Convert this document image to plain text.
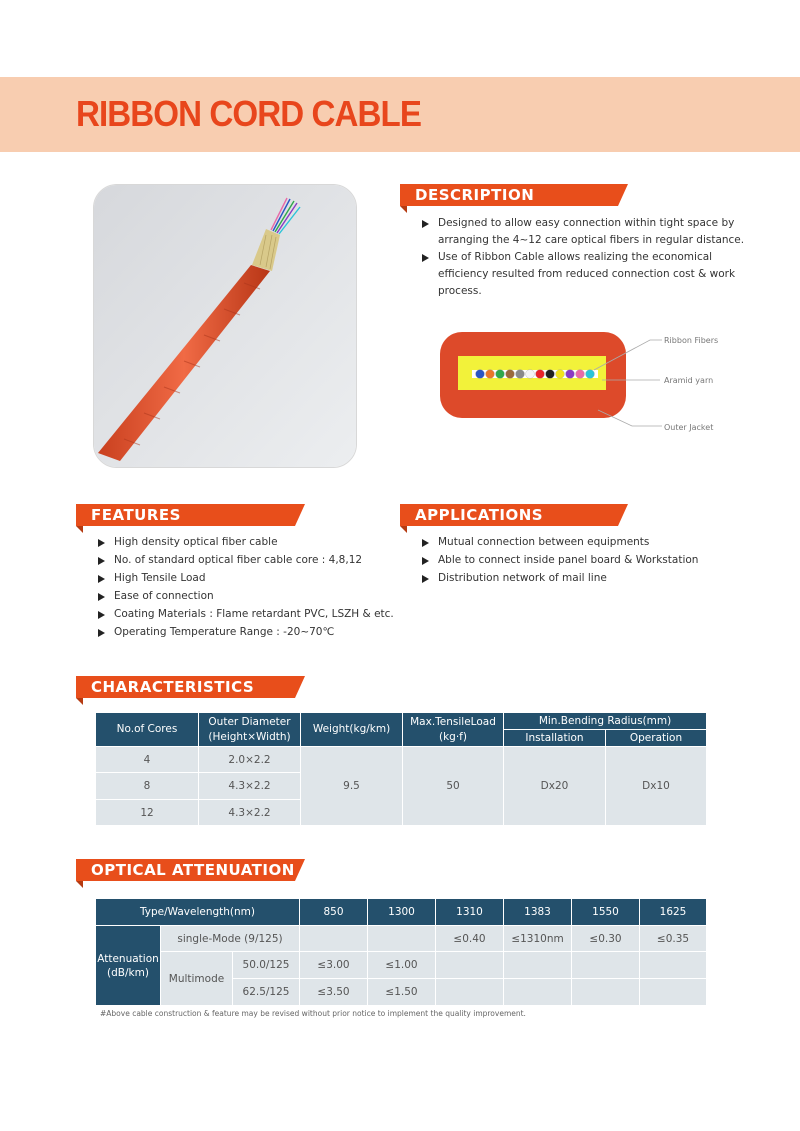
RIBBON CORD CABLE
DESCRIPTION
Designed to allow easy connection within tight space by arranging the 4~12 care optical fibers in regular distance.
Use of Ribbon Cable allows realizing the economical efficiency resulted from reduced connection cost & work process.
Ribbon Fibers
Aramid yarn
Outer Jacket
FEATURES
High density optical fiber cable
No. of standard optical fiber cable core : 4,8,12
High Tensile Load
Ease of connection
Coating Materials : Flame retardant PVC, LSZH & etc.
Operating Temperature Range : -20~70℃
APPLICATIONS
Mutual connection between equipments
Able to connect inside panel board & Workstation
Distribution network of mail line
CHARACTERISTICS
No.of Cores	Outer Diameter (Height×Width)	Weight(kg/km)	Max.TensileLoad (kg·f)	Min.Bending Radius(mm)	
				Installation	Operation
4	2.0×2.2	9.5	50	Dx20	Dx10
8	4.3×2.2				
12	4.3×2.2				
OPTICAL ATTENUATION
Type/Wavelength(nm)			850	1300	1310	1383	1550	1625
Attenuation (dB/km)	single-Mode (9/125)				≤0.40	≤1310nm	≤0.30	≤0.35
	Multimode	50.0/125	≤3.00	≤1.00				
		62.5/125	≤3.50	≤1.50				
#Above cable construction & feature may be revised without prior notice to implement the quality improvement.
